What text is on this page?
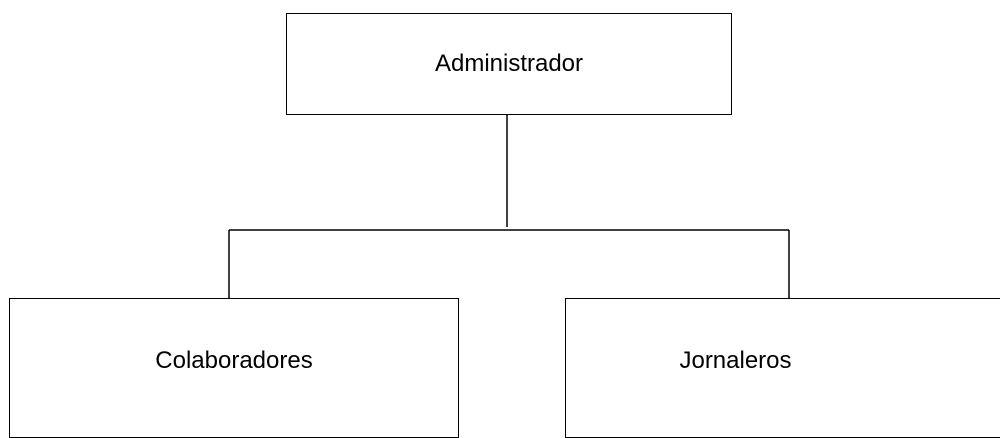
Administrador
Colaboradores	Jornaleros
